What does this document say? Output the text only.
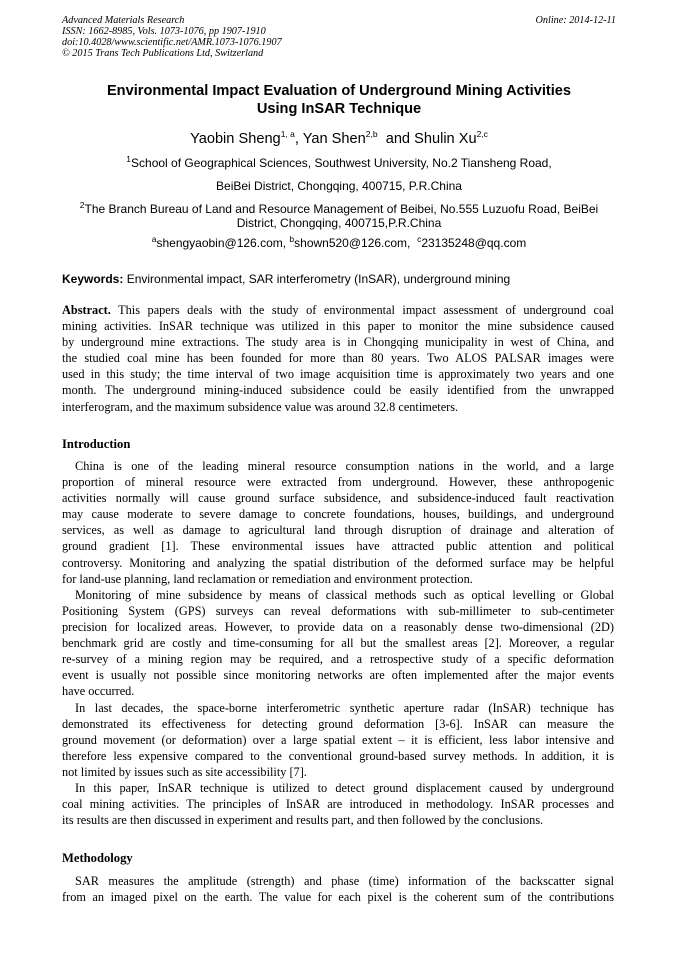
Advanced Materials Research
ISSN: 1662-8985, Vols. 1073-1076, pp 1907-1910
doi:10.4028/www.scientific.net/AMR.1073-1076.1907
© 2015 Trans Tech Publications Ltd, Switzerland
Online: 2014-12-11
Environmental Impact Evaluation of Underground Mining Activities
Using InSAR Technique
Yaobin Sheng$^{1, a}$, Yan Shen$^{2,b}$  and Shulin Xu$^{2,c}$
$^1$School of Geographical Sciences, Southwest University, No.2 Tiansheng Road,
BeiBei District, Chongqing, 400715, P.R.China
$^2$The Branch Bureau of Land and Resource Management of Beibei, No.555 Luzuofu Road, BeiBei
District, Chongqing, 400715,P.R.China
$^a$shengyaobin@126.com, $^b$shown520@126.com,  $^c$23135248@qq.com
Keywords: Environmental impact, SAR interferometry (InSAR), underground mining
Abstract. This papers deals with the study of environmental impact assessment of underground coal
mining activities. InSAR technique was utilized in this paper to monitor the mine subsidence caused
by underground mine extractions. The study area is in Chongqing municipality in west of China, and
the studied coal mine has been founded for more than 80 years. Two ALOS PALSAR images were
used in this study; the time interval of two image acquisition time is approximately two years and one
month. The underground mining-induced subsidence could be easily identified from the unwrapped
interferogram, and the maximum subsidence value was around 32.8 centimeters.
Introduction
China is one of the leading mineral resource consumption nations in the world, and a large
proportion of mineral resource were extracted from underground. However, these anthropogenic
activities normally will cause ground surface subsidence, and subsidence-induced fault reactivation
may cause moderate to severe damage to concrete foundations, houses, buildings, and underground
services, as well as damage to agricultural land through disruption of drainage and alteration of
ground gradient [1]. These environmental issues have attracted public attention and political
controversy. Monitoring and analyzing the spatial distribution of the deformed surface may be helpful
for land-use planning, land reclamation or remediation and environment protection.
Monitoring of mine subsidence by means of classical methods such as optical levelling or Global
Positioning System (GPS) surveys can reveal deformations with sub-millimeter to sub-centimeter
precision for localized areas. However, to provide data on a reasonably dense two-dimensional (2D)
benchmark grid are costly and time-consuming for all but the smallest areas [2]. Moreover, a regular
re-survey of a mining region may be required, and a retrospective study of a specific deformation
event is usually not possible since monitoring networks are often implemented after the major events
have occurred.
In last decades, the space-borne interferometric synthetic aperture radar (InSAR) technique has
demonstrated its effectiveness for detecting ground deformation [3-6]. InSAR can measure the
ground movement (or deformation) over a large spatial extent – it is efficient, less labor intensive and
therefore less expensive compared to the conventional ground-based survey methods. In addition, it is
not limited by issues such as site accessibility [7].
In this paper, InSAR technique is utilized to detect ground displacement caused by underground
coal mining activities. The principles of InSAR are introduced in methodology. InSAR processes and
its results are then discussed in experiment and results part, and then followed by the conclusions.
Methodology
SAR measures the amplitude (strength) and phase (time) information of the backscatter signal
from an imaged pixel on the earth. The value for each pixel is the coherent sum of the contributions
